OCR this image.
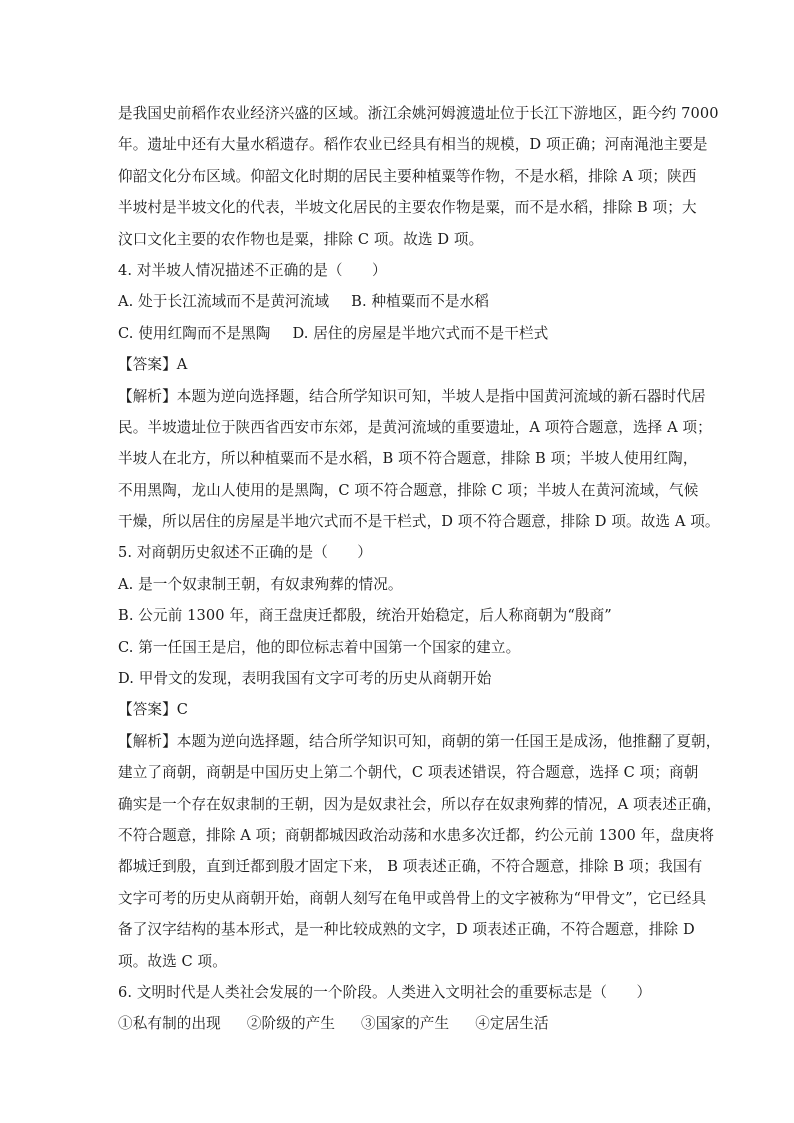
是我国史前稻作农业经济兴盛的区域。浙江余姚河姆渡遗址位于长江下游地区，距今约 7000
年。遗址中还有大量水稻遗存。稻作农业已经具有相当的规模，D 项正确；河南渑池主要是
仰韶文化分布区域。仰韶文化时期的居民主要种植粟等作物，不是水稻，排除 A 项；陕西
半坡村是半坡文化的代表，半坡文化居民的主要农作物是粟，而不是水稻，排除 B 项；大
汶口文化主要的农作物也是粟，排除 C 项。故选 D 项。
4. 对半坡人情况描述不正确的是（　　）
A. 处于长江流域而不是黄河流域 B. 种植粟而不是水稻
C. 使用红陶而不是黑陶 D. 居住的房屋是半地穴式而不是干栏式
【答案】A
【解析】本题为逆向选择题，结合所学知识可知，半坡人是指中国黄河流域的新石器时代居
民。半坡遗址位于陕西省西安市东郊，是黄河流域的重要遗址，A 项符合题意，选择 A 项；
半坡人在北方，所以种植粟而不是水稻，B 项不符合题意，排除 B 项；半坡人使用红陶，
不用黑陶，龙山人使用的是黑陶，C 项不符合题意，排除 C 项；半坡人在黄河流域，气候
干燥，所以居住的房屋是半地穴式而不是干栏式，D 项不符合题意，排除 D 项。故选 A 项。
5. 对商朝历史叙述不正确的是（　　）
A. 是一个奴隶制王朝，有奴隶殉葬的情况。
B. 公元前 1300 年，商王盘庚迁都殷，统治开始稳定，后人称商朝为“殷商”
C. 第一任国王是启，他的即位标志着中国第一个国家的建立。
D. 甲骨文的发现，表明我国有文字可考的历史从商朝开始
【答案】C
【解析】本题为逆向选择题，结合所学知识可知，商朝的第一任国王是成汤，他推翻了夏朝，
建立了商朝，商朝是中国历史上第二个朝代，C 项表述错误，符合题意，选择 C 项；商朝
确实是一个存在奴隶制的王朝，因为是奴隶社会，所以存在奴隶殉葬的情况，A 项表述正确，
不符合题意，排除 A 项；商朝都城因政治动荡和水患多次迁都，约公元前 1300 年，盘庚将
都城迁到殷，直到迁都到殷才固定下来， B 项表述正确，不符合题意，排除 B 项；我国有
文字可考的历史从商朝开始，商朝人刻写在龟甲或兽骨上的文字被称为“甲骨文”，它已经具
备了汉字结构的基本形式，是一种比较成熟的文字，D 项表述正确，不符合题意，排除 D
项。故选 C 项。
6. 文明时代是人类社会发展的一个阶段。人类进入文明社会的重要标志是（　　）
①私有制的出现 ②阶级的产生 ③国家的产生 ④定居生活
